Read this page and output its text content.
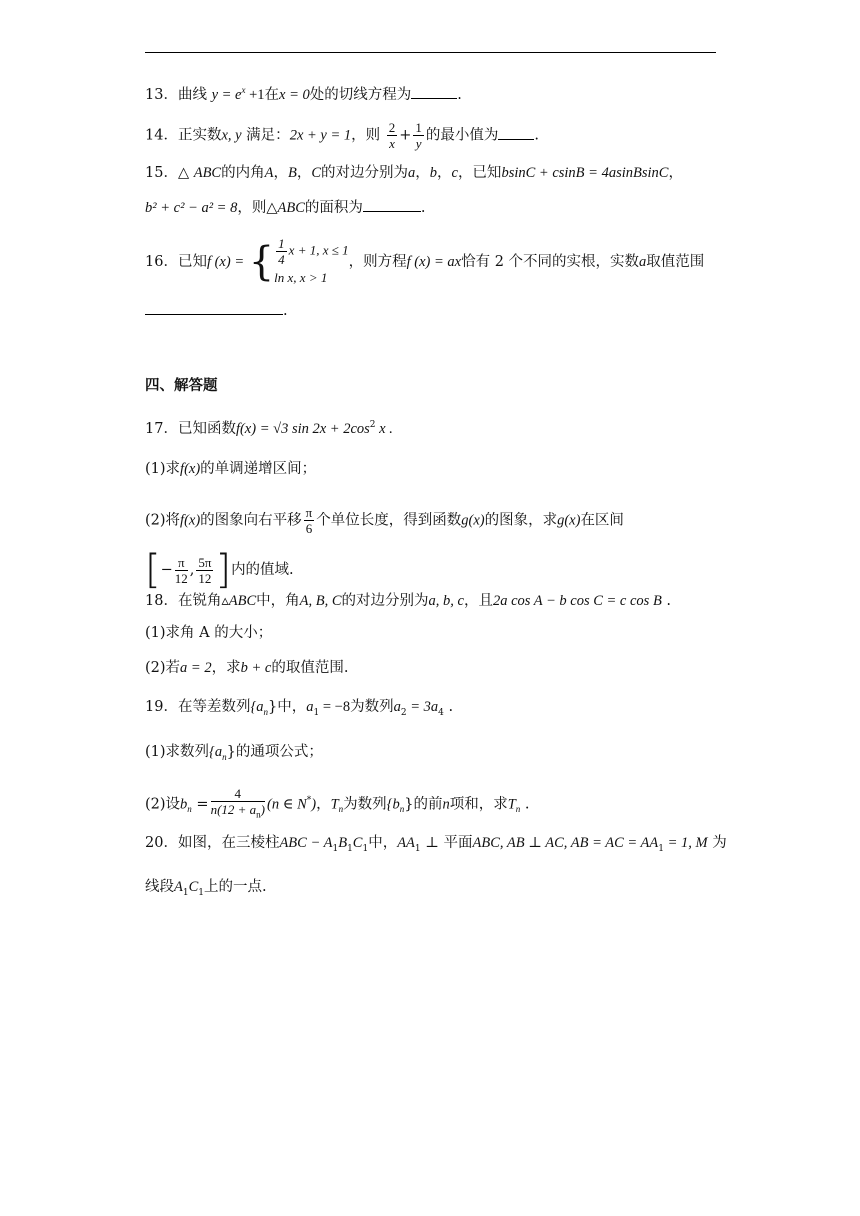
13．曲线 $y = e^x +1$在x = 0处的切线方程为	.
14．正实数x, y 满足：2x + y = 1，则 $\frac{2}{x} + \frac{1}{y}$ 的最小值为 .
15．△ ABC的内角A，B，C的对边分别为a，b，c，已知bsinC + csinB = 4asinBsinC，
b² + c² − a² = 8，则△ABC的面积为	.
16．已知f (x) = { $\frac{1}{4}$ x + 1, x ≤ 1
ln x, x > 1
，则方程f (x) = ax恰有 2 个不同的实根，实数a取值范围
.
四、解答题
17．已知函数f(x) = √3 $\sin 2x + 2\cos^2$ x .
(1)求f(x)的单调递增区间；
(2)将f(x)的图象向右平移 $\frac{\pi}{6}$ 个单位长度，得到函数g(x)的图象，求g(x)在区间
[− $\frac{\pi}{12}$ , $\frac{5\pi}{12}$ ]内的值域.
18．在锐角▵ABC中，角A, B, C的对边分别为a, b, c，且2a cos A − b cos C = c cos B .
(1)求角 A 的大小；
(2)若a = 2，求b + c的取值范围.
19．在等差数列$\{a_n\}$中，$a_1 = -8$为数列$a_2 = 3a_4$ .
(1)求数列$\{a_n\}$的通项公式；
(2)设$b_n = \frac{4}{n(12 + a_n)} (n$ ∈ N*)，$T_n$为数列$\{b_n\}$的前n项和，求$T_n$ .
20．如图，在三棱柱ABC − $A_1B_1C_1$中，$AA_1$ ⊥ 平面ABC, AB ⊥ AC, AB = AC = $AA_1 = 1$, M 为
线段$A_1C_1$上的一点.
